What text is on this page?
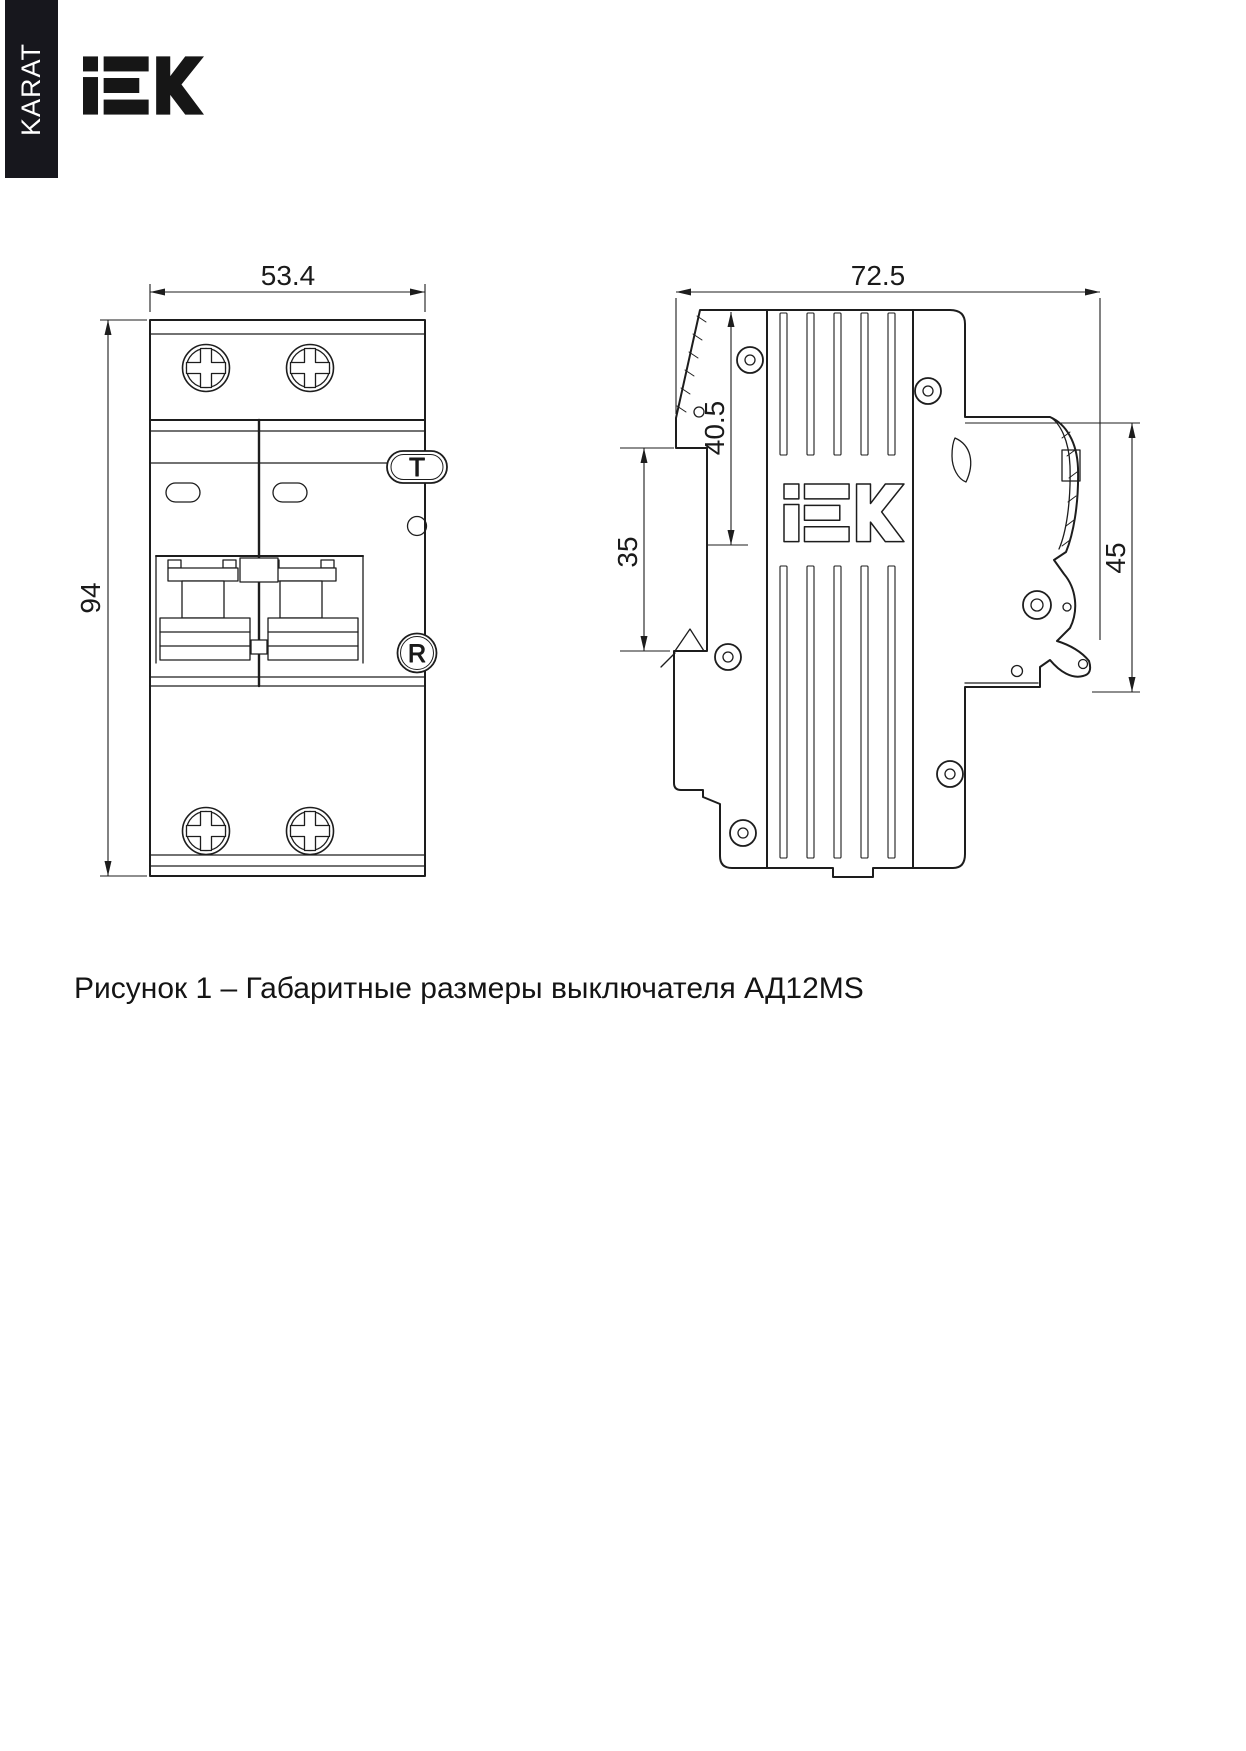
KARAT
T
R
53.4
94
72.5
40.5
35	45
Рисунок 1 – Габаритные размеры выключателя АД12MS
